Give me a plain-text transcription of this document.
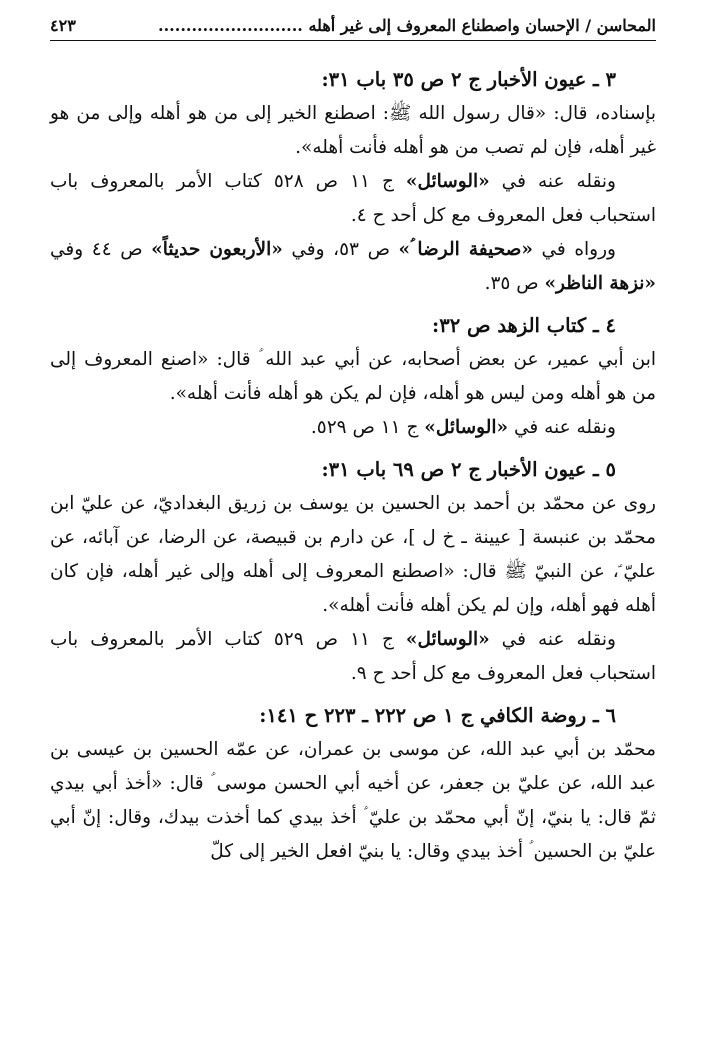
المحاسن / الإحسان واصطناع المعروف إلى غير أهله ..........................
٤٢٣

٣ ـ عيون الأخبار ج ٢ ص ٣٥ باب ٣١:

بإسناده، قال: «قال رسول الله ﷺ: اصطنع الخير إلى من هو أهله وإلى من هو غير أهله، فإن لم تصب من هو أهله فأنت أهله».

ونقله عنه في «الوسائل» ج ١١ ص ٥٢٨ كتاب الأمر بالمعروف باب استحباب فعل المعروف مع كل أحد ح ٤.

ورواه في «صحيفة الرضا ؑ» ص ٥٣، وفي «الأربعون حديثاً» ص ٤٤ وفي «نزهة الناظر» ص ٣٥.

٤ ـ كتاب الزهد ص ٣٢:

ابن أبي عمير، عن بعض أصحابه، عن أبي عبد الله ؑ قال: «اصنع المعروف إلى من هو أهله ومن ليس هو أهله، فإن لم يكن هو أهله فأنت أهله».

ونقله عنه في «الوسائل» ج ١١ ص ٥٢٩.

٥ ـ عيون الأخبار ج ٢ ص ٦٩ باب ٣١:

روى عن محمّد بن أحمد بن الحسين بن يوسف بن زريق البغداديّ، عن عليّ ابن محمّد بن عنبسة [ عيينة ـ خ ل ]، عن دارم بن قبيصة، عن الرضا، عن آبائه، عن عليّ ؑ، عن النبيّ ﷺ قال: «اصطنع المعروف إلى أهله وإلى غير أهله، فإن كان أهله فهو أهله، وإن لم يكن أهله فأنت أهله».

ونقله عنه في «الوسائل» ج ١١ ص ٥٢٩ كتاب الأمر بالمعروف باب استحباب فعل المعروف مع كل أحد ح ٩.

٦ ـ روضة الكافي ج ١ ص ٢٢٢ ـ ٢٢٣ ح ١٤١:

محمّد بن أبي عبد الله، عن موسى بن عمران، عن عمّه الحسين بن عيسى بن عبد الله، عن عليّ بن جعفر، عن أخيه أبي الحسن موسى ؑ قال: «أخذ أبي بيدي ثمّ قال: يا بنيّ، إنّ أبي محمّد بن عليّ ؑ أخذ بيدي كما أخذت بيدك، وقال: إنّ أبي عليّ بن الحسين ؑ أخذ بيدي وقال: يا بنيّ افعل الخير إلى كلّ
